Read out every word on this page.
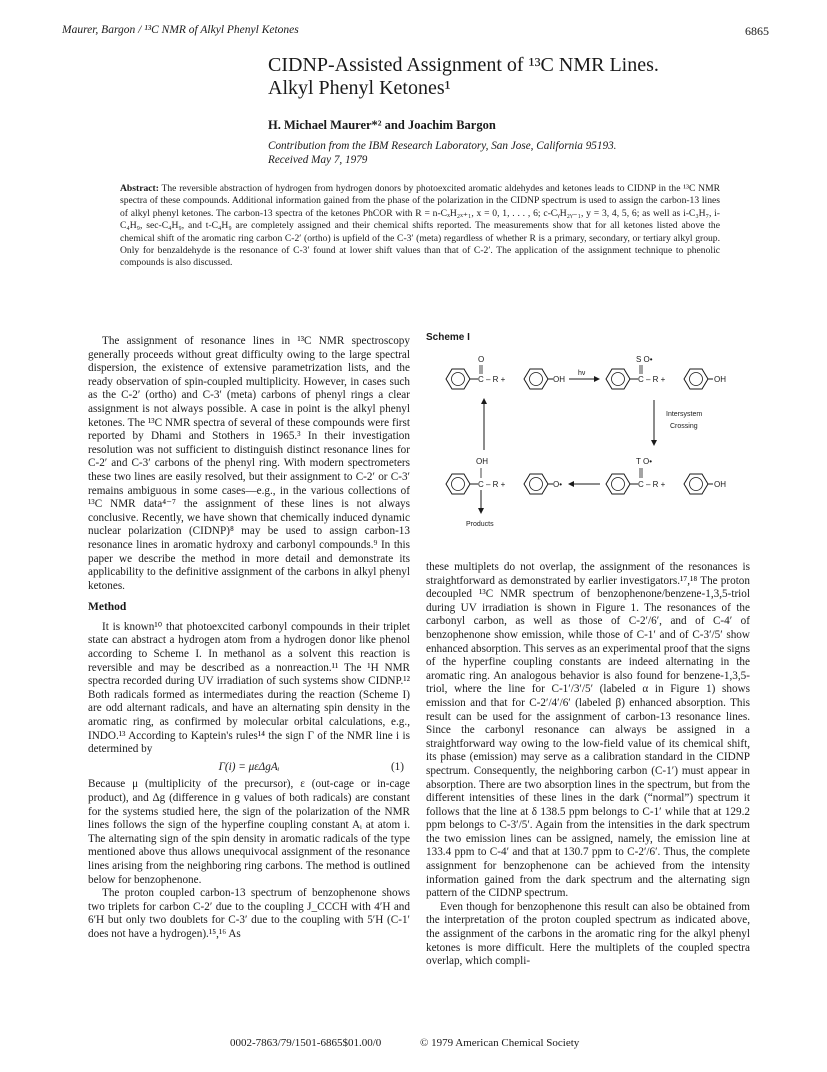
Maurer, Bargon / ¹³C NMR of Alkyl Phenyl Ketones	6865
CIDNP-Assisted Assignment of ¹³C NMR Lines.
Alkyl Phenyl Ketones¹
H. Michael Maurer*² and Joachim Bargon
Contribution from the IBM Research Laboratory, San Jose, California 95193.
Received May 7, 1979
Abstract: The reversible abstraction of hydrogen from hydrogen donors by photoexcited aromatic aldehydes and ketones leads to CIDNP in the ¹³C NMR spectra of these compounds. Additional information gained from the phase of the polarization in the CIDNP spectrum is used to assign the carbon-13 lines of alkyl phenyl ketones. The carbon-13 spectra of the ketones PhCOR with R = n-CₓH₂ₓ₊₁, x = 0, 1, . . . , 6; c-CᵧH₂ᵧ₋₁, y = 3, 4, 5, 6; as well as i-C₃H₇, i-C₄H₉, sec-C₄H₉, and t-C₄H₉ are completely assigned and their chemical shifts reported. The measurements show that for all ketones listed above the chemical shift of the aromatic ring carbon C-2′ (ortho) is upfield of the C-3′ (meta) regardless of whether R is a primary, secondary, or tertiary alkyl group. Only for benzaldehyde is the resonance of C-3′ found at lower shift values than that of C-2′. The application of the assignment technique to phenolic compounds is also discussed.

The assignment of resonance lines in ¹³C NMR spectroscopy generally proceeds without great difficulty owing to the large spectral dispersion, the existence of extensive parametrization lists, and the ready observation of spin-coupled multiplicity. However, in cases such as the C-2′ (ortho) and C-3′ (meta) carbons of phenyl rings a clear assignment is not always possible. A case in point is the alkyl phenyl ketones. The ¹³C NMR spectra of several of these compounds were first reported by Dhami and Stothers in 1965.³ In their investigation resolution was not sufficient to distinguish distinct resonance lines for C-2′ and C-3′ carbons of the phenyl ring. With modern spectrometers these two lines are easily resolved, but their assignment to C-2′ or C-3′ remains ambiguous in some cases—e.g., in the various collections of ¹³C NMR data⁴⁻⁷ the assignment of these lines is not always conclusive. Recently, we have shown that chemically induced dynamic nuclear polarization (CIDNP)⁸ may be used to assign carbon-13 resonance lines in aromatic hydroxy and carbonyl compounds.⁹ In this paper we describe the method in more detail and demonstrate its applicability to the definitive assignment of the carbons in alkyl phenyl ketones.

Method

It is known¹⁰ that photoexcited carbonyl compounds in their triplet state can abstract a hydrogen atom from a hydrogen donor like phenol according to Scheme I. In methanol as a solvent this reaction is reversible and may be described as a nonreaction.¹¹ The ¹H NMR spectra recorded during UV irradiation of such systems show CIDNP.¹² Both radicals formed as intermediates during the reaction (Scheme I) are odd alternant radicals, and have an alternating spin density in the aromatic ring, as confirmed by molecular orbital calculations, e.g., INDO.¹³ According to Kaptein's rules¹⁴ the sign Γ of the NMR line i is determined by

Γ(i) = μεΔgAᵢ	(1)

Because μ (multiplicity of the precursor), ε (out-cage or in-cage product), and Δg (difference in g values of both radicals) are constant for the systems studied here, the sign of the polarization of the NMR lines follows the sign of the hyperfine coupling constant Aᵢ at atom i. The alternating sign of the spin density in aromatic radicals of the type mentioned above thus allows unequivocal assignment of the resonance lines arising from the neighboring ring carbons. The method is outlined below for benzophenone.

The proton coupled carbon-13 spectrum of benzophenone shows two triplets for carbon C-2′ due to the coupling J_CCCH with 4′H and 6′H but only two doublets for C-3′ due to the coupling with 5′H (C-1′ does not have a hydrogen).¹⁵,¹⁶ As

Scheme I
O
C – R +	OH
hν
S O•
C – R +	OH
Intersystem
Crossing
OH
C – R +
Products
O•
T O•
C – R +	OH

these multiplets do not overlap, the assignment of the resonances is straightforward as demonstrated by earlier investigators.¹⁷,¹⁸ The proton decoupled ¹³C NMR spectrum of benzophenone/benzene-1,3,5-triol during UV irradiation is shown in Figure 1. The resonances of the carbonyl carbon, as well as those of C-2′/6′, and of C-4′ of benzophenone show emission, while those of C-1′ and of C-3′/5′ show enhanced absorption. This serves as an experimental proof that the signs of the hyperfine coupling constants are indeed alternating in the aromatic ring. An analogous behavior is also found for benzene-1,3,5-triol, where the line for C-1′/3′/5′ (labeled α in Figure 1) shows emission and that for C-2′/4′/6′ (labeled β) enhanced absorption. This result can be used for the assignment of carbon-13 resonance lines. Since the carbonyl resonance can always be assigned in a straightforward way owing to the low-field value of its chemical shift, its phase (emission) may serve as a calibration standard in the CIDNP spectrum. Consequently, the neighboring carbon (C-1′) must appear in absorption. There are two absorption lines in the spectrum, but from the different intensities of these lines in the dark (“normal”) spectrum it follows that the line at δ 138.5 ppm belongs to C-1′ while that at 129.2 ppm belongs to C-3′/5′. Again from the intensities in the dark spectrum the two emission lines can be assigned, namely, the emission line at 133.4 ppm to C-4′ and that at 130.7 ppm to C-2′/6′. Thus, the complete assignment for benzophenone can be achieved from the intensity information gained from the dark spectrum and the alternating sign pattern of the CIDNP spectrum.

Even though for benzophenone this result can also be obtained from the interpretation of the proton coupled spectrum as indicated above, the assignment of the carbons in the aromatic ring for the alkyl phenyl ketones is more difficult. Here the multiplets of the coupled spectra overlap, which compli-

0002-7863/79/1501-6865$01.00/0	© 1979 American Chemical Society
